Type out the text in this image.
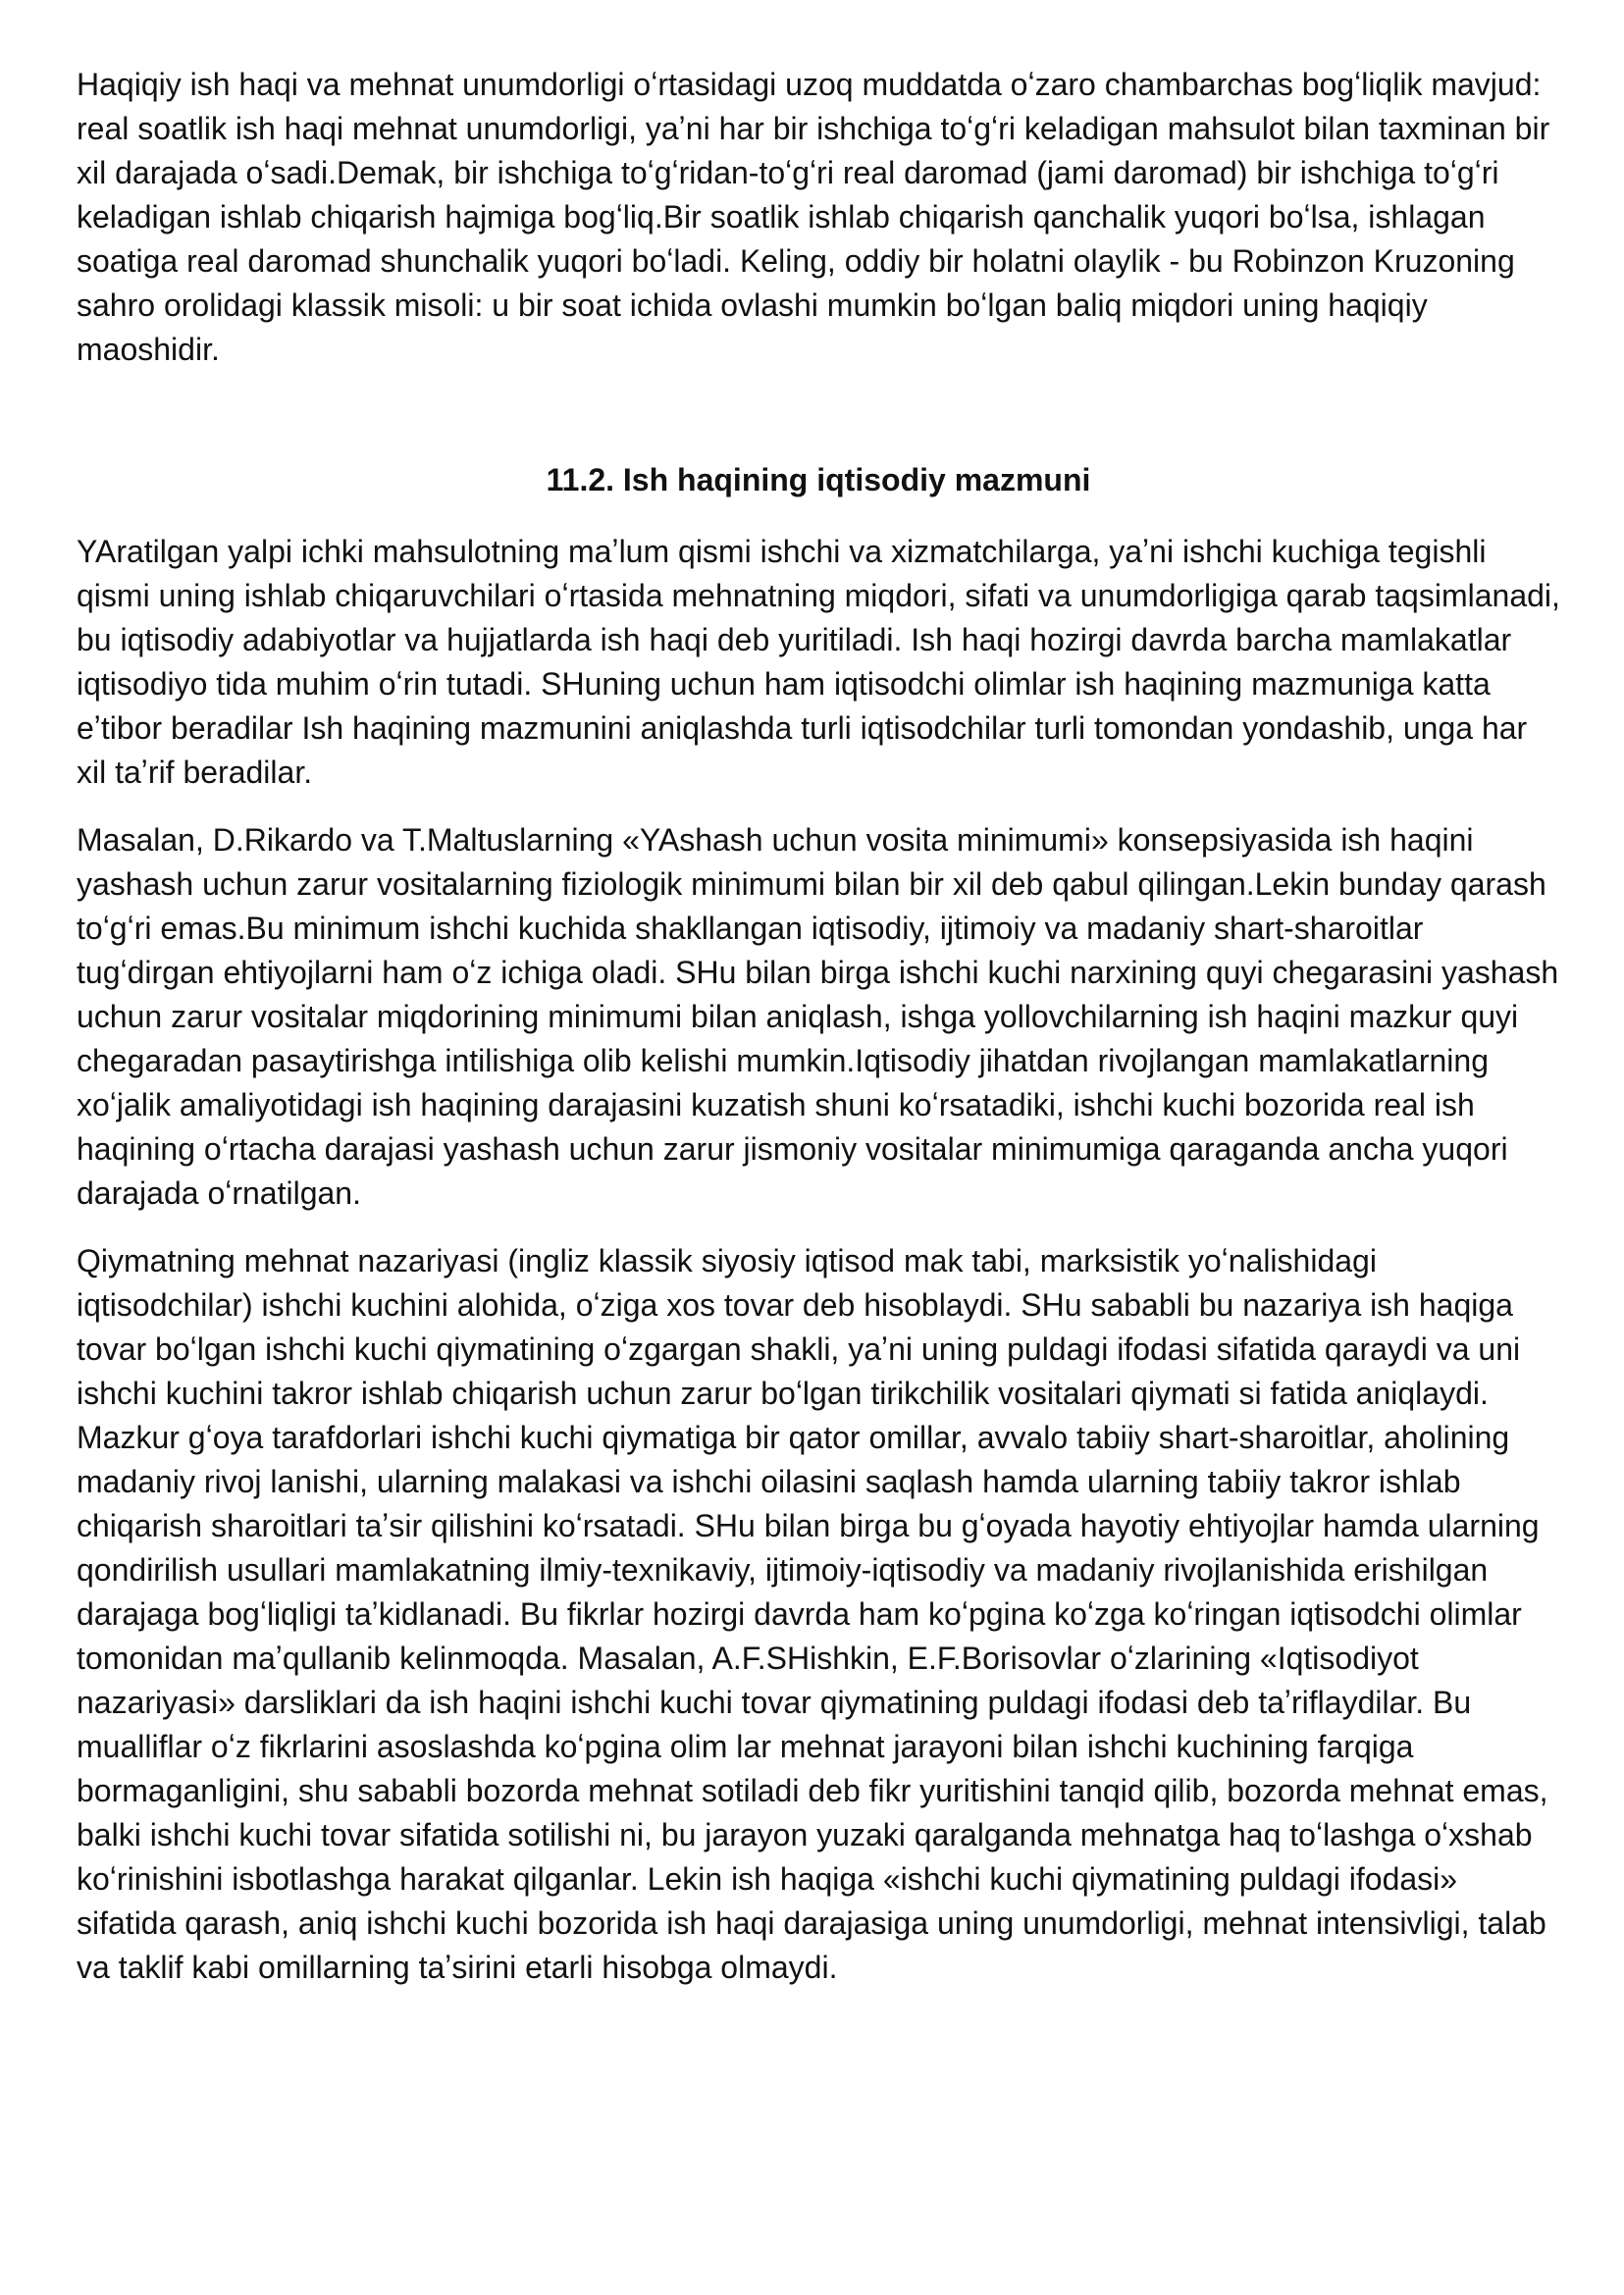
Haqiqiy ish haqi va mehnat unumdorligi oʻrtasidagi uzoq muddatda oʻzaro chambarchas bogʻliqlik mavjud: real soatlik ish haqi mehnat unumdorligi, yaʼni har bir ishchiga toʻgʻri keladigan mahsulot bilan taxminan bir xil darajada oʻsadi.Demak, bir ishchiga toʻgʻridan-toʻgʻri real daromad (jami daromad) bir ishchiga toʻgʻri keladigan ishlab chiqarish hajmiga bogʻliq.Bir soatlik ishlab chiqarish qanchalik yuqori boʻlsa, ishlagan soatiga real daromad shunchalik yuqori boʻladi. Keling, oddiy bir holatni olaylik - bu Robinzon Kruzoning sahro orolidagi klassik misoli: u bir soat ichida ovlashi mumkin boʻlgan baliq miqdori uning haqiqiy maoshidir.

11.2. Ish haqining iqtisodiy mazmuni

YAratilgan yalpi ichki mahsulotning maʼlum qismi ishchi va xizmatchilarga, yaʼni ishchi kuchiga tegishli qismi uning ishlab chiqaruvchilari oʻrtasida mehnatning miqdori, sifati va unumdorligiga qarab taqsimlanadi, bu iqtisodiy adabiyotlar va hujjatlarda ish haqi deb yuritiladi. Ish haqi hozirgi davrda barcha mamlakatlar iqtisodiyo tida muhim oʻrin tutadi. SHuning uchun ham iqtisodchi olimlar ish haqining mazmuniga katta eʼtibor beradilar Ish haqining mazmunini aniqlashda turli iqtisodchilar turli tomondan yondashib, unga har xil taʼrif beradilar.

Masalan, D.Rikardo va T.Maltuslarning «YAshash uchun vosita minimumi» konsepsiyasida ish haqini yashash uchun zarur vositalarning fiziologik minimumi bilan bir xil deb qabul qilingan.Lekin bunday qarash toʻgʻri emas.Bu minimum ishchi kuchida shakllangan iqtisodiy, ijtimoiy va madaniy shart-sharoitlar tugʻdirgan ehtiyojlarni ham oʻz ichiga oladi. SHu bilan birga ishchi kuchi narxining quyi chegarasini yashash uchun zarur vositalar miqdorining minimumi bilan aniqlash, ishga yollovchilarning ish haqini mazkur quyi chegaradan pasaytirishga intilishiga olib kelishi mumkin.Iqtisodiy jihatdan rivojlangan mamlakatlarning xoʻjalik amaliyotidagi ish haqining darajasini kuzatish shuni koʻrsatadiki, ishchi kuchi bozorida real ish haqining oʻrtacha darajasi yashash uchun zarur jismoniy vositalar minimumiga qaraganda ancha yuqori darajada oʻrnatilgan.

Qiymatning mehnat nazariyasi (ingliz klassik siyosiy iqtisod mak tabi, marksistik yoʻnalishidagi iqtisodchilar) ishchi kuchini alohida, oʻziga xos tovar deb hisoblaydi. SHu sababli bu nazariya ish haqiga tovar boʻlgan ishchi kuchi qiymatining oʻzgargan shakli, yaʼni uning puldagi ifodasi sifatida qaraydi va uni ishchi kuchini takror ishlab chiqarish uchun zarur boʻlgan tirikchilik vositalari qiymati si fatida aniqlaydi. Mazkur gʻoya tarafdorlari ishchi kuchi qiymatiga bir qator omillar, avvalo tabiiy shart-sharoitlar, aholining madaniy rivoj lanishi, ularning malakasi va ishchi oilasini saqlash hamda ularning tabiiy takror ishlab chiqarish sharoitlari taʼsir qilishini koʻrsatadi. SHu bilan birga bu gʻoyada hayotiy ehtiyojlar hamda ularning qondirilish usullari mamlakatning ilmiy-texnikaviy, ijtimoiy-iqtisodiy va madaniy rivojlanishida erishilgan darajaga bogʻliqligi taʼkidlanadi. Bu fikrlar hozirgi davrda ham koʻpgina koʻzga koʻringan iqtisodchi olimlar tomonidan maʼqullanib kelinmoqda. Masalan, A.F.SHishkin, E.F.Borisovlar oʻzlarining «Iqtisodiyot nazariyasi» darsliklari da ish haqini ishchi kuchi tovar qiymatining puldagi ifodasi deb taʼriflaydilar. Bu mualliflar oʻz fikrlarini asoslashda koʻpgina olim lar mehnat jarayoni bilan ishchi kuchining farqiga bormaganligini, shu sababli bozorda mehnat sotiladi deb fikr yuritishini tanqid qilib, bozorda mehnat emas, balki ishchi kuchi tovar sifatida sotilishi ni, bu jarayon yuzaki qaralganda mehnatga haq toʻlashga oʻxshab koʻrinishini isbotlashga harakat qilganlar. Lekin ish haqiga «ishchi kuchi qiymatining puldagi ifodasi» sifatida qarash, aniq ishchi kuchi bozorida ish haqi darajasiga uning unumdorligi, mehnat intensivligi, talab va taklif kabi omillarning taʼsirini etarli hisobga olmaydi.
